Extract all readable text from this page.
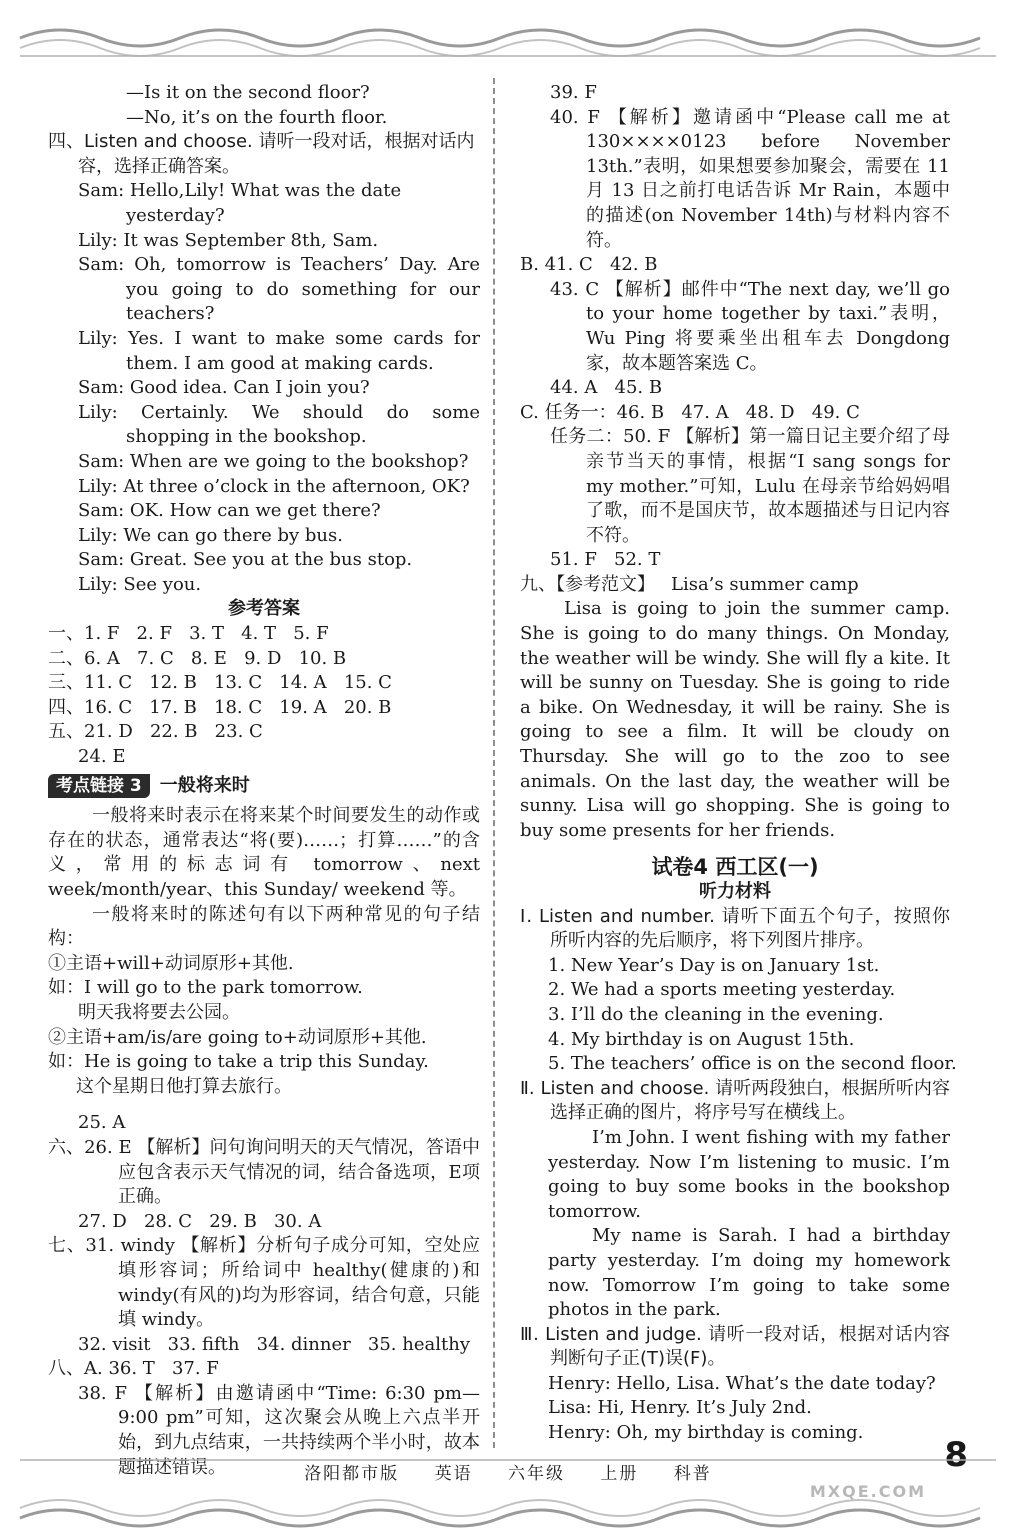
—Is it on the second floor?
—No, it’s on the fourth floor.
四、Listen and choose. 请听一段对话，根据对话内容，选择正确答案。
Sam: Hello,Lily! What was the date yesterday?
Lily: It was September 8th, Sam.
Sam: Oh, tomorrow is Teachers’ Day. Are you going to do something for our teachers?
Lily: Yes. I want to make some cards for them. I am good at making cards.
Sam: Good idea. Can I join you?
Lily: Certainly. We should do some shopping in the bookshop.
Sam: When are we going to the bookshop?
Lily: At three o’clock in the afternoon, OK?
Sam: OK. How can we get there?
Lily: We can go there by bus.
Sam: Great. See you at the bus stop.
Lily: See you.
参考答案
一、1. F   2. F   3. T   4. T   5. F
二、6. A   7. C   8. E   9. D   10. B
三、11. C   12. B   13. C   14. A   15. C
四、16. C   17. B   18. C   19. A   20. B
五、21. D   22. B   23. C
24. E
考点链接 3 一般将来时
一般将来时表示在将来某个时间要发生的动作或存在的状态，通常表达“将(要)……；打算……”的含义，常用的标志词有 tomorrow、next week/month/year、this Sunday/ weekend 等。
一般将来时的陈述句有以下两种常见的句子结构：
①主语+will+动词原形+其他.
如：I will go to the park tomorrow.
明天我将要去公园。
②主语+am/is/are going to+动词原形+其他.
如：He is going to take a trip this Sunday.
这个星期日他打算去旅行。
25. A
六、26. E 【解析】问句询问明天的天气情况，答语中应包含表示天气情况的词，结合备选项，E项正确。
27. D   28. C   29. B   30. A
七、31. windy 【解析】分析句子成分可知，空处应填形容词；所给词中 healthy(健康的)和 windy(有风的)均为形容词，结合句意，只能填 windy。
32. visit   33. fifth   34. dinner   35. healthy
八、A. 36. T   37. F
38. F 【解析】由邀请函中“Time: 6:30 pm—9:00 pm”可知，这次聚会从晚上六点半开始，到九点结束，一共持续两个半小时，故本题描述错误。
39. F
40. F 【解析】邀请函中“Please call me at 130××××0123 before November 13th.”表明，如果想要参加聚会，需要在 11 月 13 日之前打电话告诉 Mr Rain，本题中的描述(on November 14th)与材料内容不符。
B. 41. C   42. B
43. C 【解析】邮件中“The next day, we’ll go to your home together by taxi.”表明，Wu Ping 将要乘坐出租车去 Dongdong 家，故本题答案选 C。
44. A   45. B
C. 任务一：46. B   47. A   48. D   49. C
任务二：50. F 【解析】第一篇日记主要介绍了母亲节当天的事情，根据“I sang songs for my mother.”可知，Lulu 在母亲节给妈妈唱了歌，而不是国庆节，故本题描述与日记内容不符。
51. F   52. T
九、【参考范文】 Lisa’s summer camp
Lisa is going to join the summer camp. She is going to do many things. On Monday, the weather will be windy. She will fly a kite. It will be sunny on Tuesday. She is going to ride a bike. On Wednesday, it will be rainy. She is going to see a film. It will be cloudy on Thursday. She will go to the zoo to see animals. On the last day, the weather will be sunny. Lisa will go shopping. She is going to buy some presents for her friends.
试卷4 西工区(一)
听力材料
Ⅰ. Listen and number. 请听下面五个句子，按照你所听内容的先后顺序，将下列图片排序。
1. New Year’s Day is on January 1st.
2. We had a sports meeting yesterday.
3. I’ll do the cleaning in the evening.
4. My birthday is on August 15th.
5. The teachers’ office is on the second floor.
Ⅱ. Listen and choose. 请听两段独白，根据所听内容选择正确的图片，将序号写在横线上。
I’m John. I went fishing with my father yesterday. Now I’m listening to music. I’m going to buy some books in the bookshop tomorrow.
My name is Sarah. I had a birthday party yesterday. I’m doing my homework now. Tomorrow I’m going to take some photos in the park.
Ⅲ. Listen and judge. 请听一段对话，根据对话内容判断句子正(T)误(F)。
Henry: Hello, Lisa. What’s the date today?
Lisa: Hi, Henry. It’s July 2nd.
Henry: Oh, my birthday is coming.
洛阳都市版 英语 六年级 上册 科普	8
MXQE.COM
